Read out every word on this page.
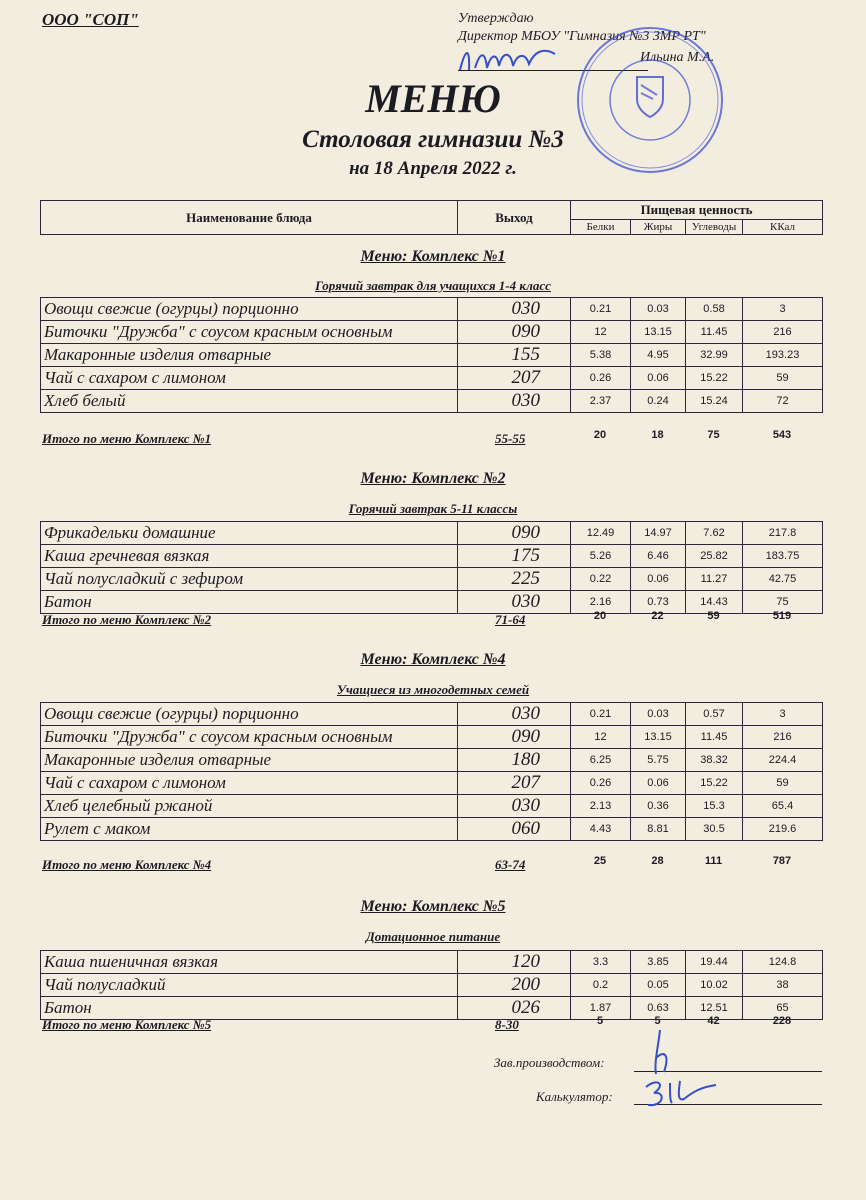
ООО "СОП"	Утверждаю
Директор МБОУ "Гимназия №3 ЗМР РТ"
Ильина М.А.
МЕНЮ
Столовая гимназии №3
на 18 Апреля 2022 г.
Наименование блюда	Выход	Пищевая ценность			
		Белки	Жиры	Углеводы	ККал
Меню: Комплекс №1
Горячий завтрак для учащихся 1-4 класс
Овощи свежие (огурцы) порционно	030	0.21	0.03	0.58	3
Биточки "Дружба" с соусом красным основным	090	12	13.15	11.45	216
Макаронные изделия отварные	155	5.38	4.95	32.99	193.23
Чай с сахаром с лимоном	207	0.26	0.06	15.22	59
Хлеб белый	030	2.37	0.24	15.24	72
Итого по меню Комплекс №1	55-55	20	18	75	543
Меню: Комплекс №2
Горячий завтрак 5-11 классы
Фрикадельки домашние	090	12.49	14.97	7.62	217.8
Каша гречневая вязкая	175	5.26	6.46	25.82	183.75
Чай полусладкий с зефиром	225	0.22	0.06	11.27	42.75
Батон	030	2.16	0.73	14.43	75
Итого по меню Комплекс №2	71-64	20	22	59	519
Меню: Комплекс №4
Учащиеся из многодетных семей
Овощи свежие (огурцы) порционно	030	0.21	0.03	0.57	3
Биточки "Дружба" с соусом красным основным	090	12	13.15	11.45	216
Макаронные изделия отварные	180	6.25	5.75	38.32	224.4
Чай с сахаром с лимоном	207	0.26	0.06	15.22	59
Хлеб целебный ржаной	030	2.13	0.36	15.3	65.4
Рулет с маком	060	4.43	8.81	30.5	219.6
Итого по меню Комплекс №4	63-74	25	28	111	787
Меню: Комплекс №5
Дотационное питание
Каша пшеничная вязкая	120	3.3	3.85	19.44	124.8
Чай полусладкий	200	0.2	0.05	10.02	38
Батон	026	1.87	0.63	12.51	65
Итого по меню Комплекс №5	8-30	5	5	42	228
Зав.производством:
Калькулятор:
